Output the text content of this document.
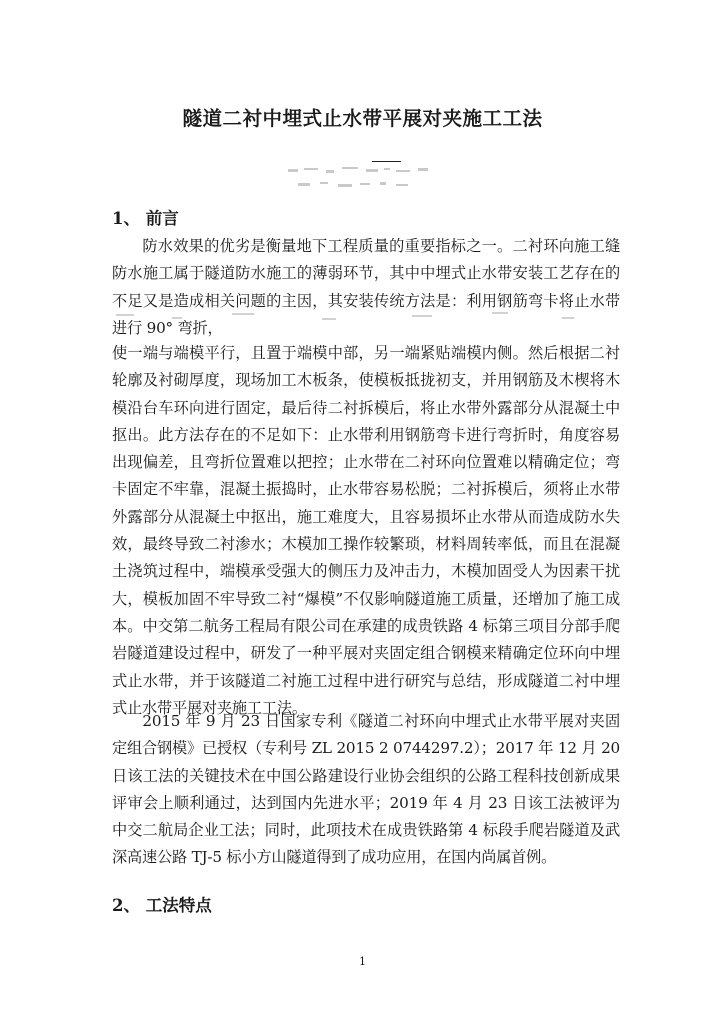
隧道二衬中埋式止水带平展对夹施工工法
1、 前言

防水效果的优劣是衡量地下工程质量的重要指标之一。二衬环向施工缝防水施工属于隧道防水施工的薄弱环节，其中中埋式止水带安装工艺存在的不足又是造成相关问题的主因，其安装传统方法是：利用钢筋弯卡将止水带进行 90° 弯折，

使一端与端模平行，且置于端模中部，另一端紧贴端模内侧。然后根据二衬轮廓及衬砌厚度，现场加工木板条，使模板抵拢初支，并用钢筋及木楔将木模沿台车环向进行固定，最后待二衬拆模后，将止水带外露部分从混凝土中抠出。此方法存在的不足如下：止水带利用钢筋弯卡进行弯折时，角度容易出现偏差，且弯折位置难以把控；止水带在二衬环向位置难以精确定位；弯卡固定不牢靠，混凝土振捣时，止水带容易松脱；二衬拆模后，须将止水带外露部分从混凝土中抠出，施工难度大，且容易损坏止水带从而造成防水失效，最终导致二衬渗水；木模加工操作较繁琐，材料周转率低，而且在混凝土浇筑过程中，端模承受强大的侧压力及冲击力，木模加固受人为因素干扰大，模板加固不牢导致二衬“爆模”不仅影响隧道施工质量，还增加了施工成本。中交第二航务工程局有限公司在承建的成贵铁路 4 标第三项目分部手爬岩隧道建设过程中，研发了一种平展对夹固定组合钢模来精确定位环向中埋式止水带，并于该隧道二衬施工过程中进行研究与总结，形成隧道二衬中埋式止水带平展对夹施工工法。

2015 年 9 月 23 日国家专利《隧道二衬环向中埋式止水带平展对夹固定组合钢模》已授权（专利号 ZL 2015 2 0744297.2）；2017 年 12 月 20 日该工法的关键技术在中国公路建设行业协会组织的公路工程科技创新成果评审会上顺利通过，达到国内先进水平；2019 年 4 月 23 日该工法被评为中交二航局企业工法；同时，此项技术在成贵铁路第 4 标段手爬岩隧道及武深高速公路 TJ-5 标小方山隧道得到了成功应用，在国内尚属首例。

2、 工法特点
1
